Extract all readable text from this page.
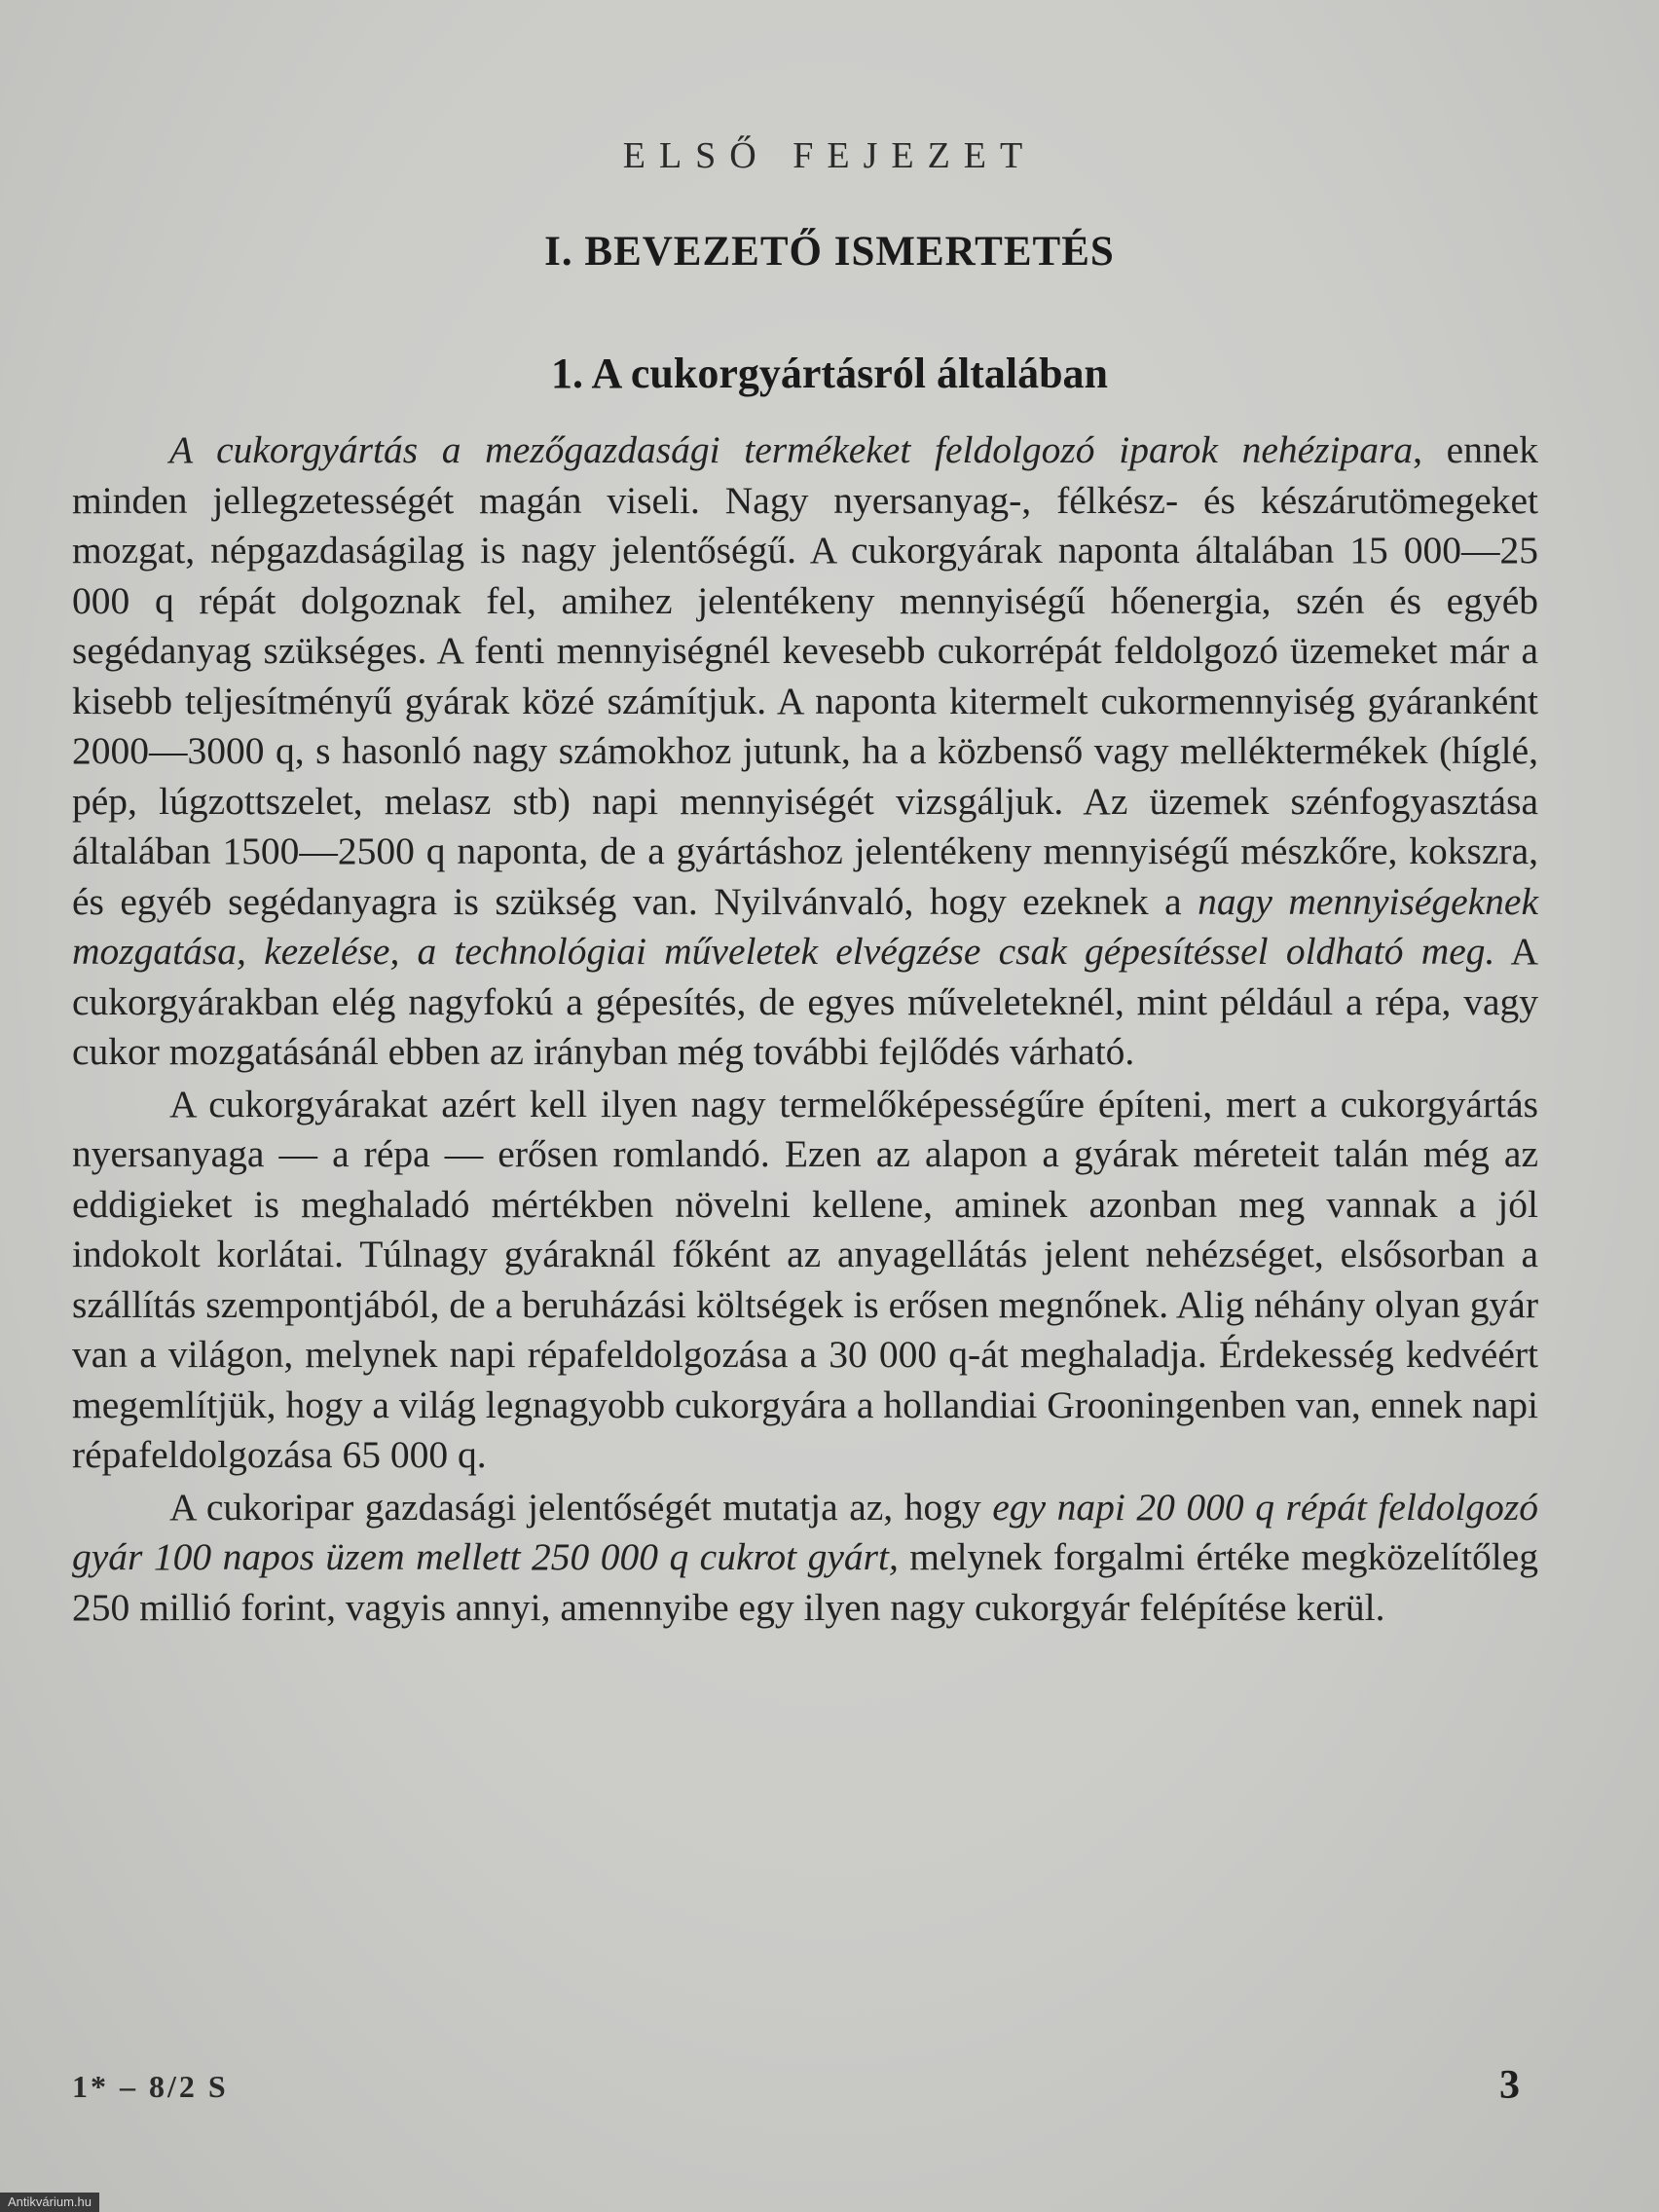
ELSŐ FEJEZET
I. BEVEZETŐ ISMERTETÉS
1. A cukorgyártásról általában

A cukorgyártás a mezőgazdasági termékeket feldolgozó iparok nehézipara, ennek minden jellegzetességét magán viseli. Nagy nyersanyag-, félkész- és készárutömegeket mozgat, népgazdaságilag is nagy jelentőségű. A cukorgyárak naponta általában 15 000—25 000 q répát dolgoznak fel, amihez jelentékeny mennyiségű hőenergia, szén és egyéb segédanyag szükséges. A fenti mennyiségnél kevesebb cukorrépát feldolgozó üzemeket már a kisebb teljesítményű gyárak közé számítjuk. A naponta kitermelt cukormennyiség gyáranként 2000—3000 q, s hasonló nagy számokhoz jutunk, ha a közbenső vagy melléktermékek (híglé, pép, lúgzottszelet, melasz stb) napi mennyiségét vizsgáljuk. Az üzemek szénfogyasztása általában 1500—2500 q naponta, de a gyártáshoz jelentékeny mennyiségű mészkőre, kokszra, és egyéb segédanyagra is szükség van. Nyilvánvaló, hogy ezeknek a nagy mennyiségeknek mozgatása, kezelése, a technológiai műveletek elvégzése csak gépesítéssel oldható meg. A cukorgyárakban elég nagyfokú a gépesítés, de egyes műveleteknél, mint például a répa, vagy cukor mozgatásánál ebben az irányban még további fejlődés várható.

A cukorgyárakat azért kell ilyen nagy termelőképességűre építeni, mert a cukorgyártás nyersanyaga — a répa — erősen romlandó. Ezen az alapon a gyárak méreteit talán még az eddigieket is meghaladó mértékben növelni kellene, aminek azonban meg vannak a jól indokolt korlátai. Túlnagy gyáraknál főként az anyagellátás jelent nehézséget, elsősorban a szállítás szempontjából, de a beruházási költségek is erősen megnőnek. Alig néhány olyan gyár van a világon, melynek napi répafeldolgozása a 30 000 q-át meghaladja. Érdekesség kedvéért megemlítjük, hogy a világ legnagyobb cukorgyára a hollandiai Grooningenben van, ennek napi répafeldolgozása 65 000 q.

A cukoripar gazdasági jelentőségét mutatja az, hogy egy napi 20 000 q répát feldolgozó gyár 100 napos üzem mellett 250 000 q cukrot gyárt, melynek forgalmi értéke megközelítőleg 250 millió forint, vagyis annyi, amennyibe egy ilyen nagy cukorgyár felépítése kerül.

1* – 8/2 S	3
Antikvárium.hu
